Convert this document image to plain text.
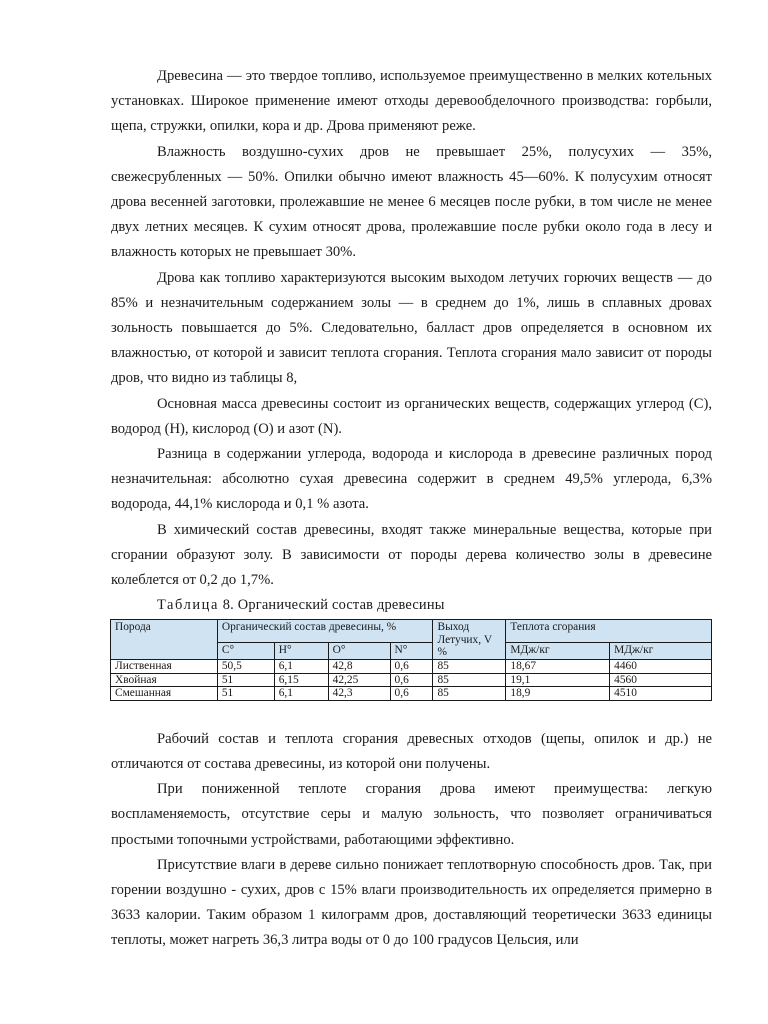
Древесина — это твердое топливо, используемое преимущественно в мелких котельных установках. Широкое применение имеют отходы деревообделочного производства: горбыли, щепа, стружки, опилки, кора и др. Дрова применяют реже.

Влажность воздушно-сухих дров не превышает 25%, полусухих — 35%, свежесрубленных — 50%. Опилки обычно имеют влажность 45—60%. К полусухим относят дрова весенней заготовки, пролежавшие не менее 6 месяцев после рубки, в том числе не менее двух летних месяцев. К сухим относят дрова, пролежавшие после рубки около года в лесу и влажность которых не превышает 30%.

Дрова как топливо характеризуются высоким выходом летучих горючих веществ — до 85% и незначительным содержанием золы — в среднем до 1%, лишь в сплавных дровах зольность повышается до 5%. Следовательно, балласт дров определяется в основном их влажностью, от которой и зависит теплота сгорания. Теплота сгорания мало зависит от породы дров, что видно из таблицы 8,

Основная масса древесины состоит из органических веществ, содержащих углерод (С), водород (Н), кислород (О) и азот (N).

Разница в содержании углерода, водорода и кислорода в древесине различных пород незначительная: абсолютно сухая древесина содержит в среднем 49,5% углерода, 6,3% водорода, 44,1% кислорода и 0,1 % азота.

В химический состав древесины, входят также минеральные вещества, которые при сгорании образуют золу. В зависимости от породы дерева количество золы в древесине колеблется от 0,2 до 1,7%.

Таблица 8. Органический состав древесины
Порода	Органический состав древесины, %				Выход Летучих, V %	Теплота сгорания	
	C°	H°	O°	N°		МДж/кг	МДж/кг
Лиственная	50,5	6,1	42,8	0,6	85	18,67	4460
Хвойная	51	6,15	42,25	0,6	85	19,1	4560
Смешанная	51	6,1	42,3	0,6	85	18,9	4510

Рабочий состав и теплота сгорания древесных отходов (щепы, опилок и др.) не отличаются от состава древесины, из которой они получены.

При пониженной теплоте сгорания дрова имеют преимущества: легкую воспламеняемость, отсутствие серы и малую зольность, что позволяет ограничиваться простыми топочными устройствами, работающими эффективно.

Присутствие влаги в дереве сильно понижает теплотворную способность дров. Так, при горении воздушно - сухих, дров с 15% влаги производительность их определяется примерно в 3633 калории. Таким образом 1 килограмм дров, доставляющий теоретически 3633 единицы теплоты, может нагреть 36,3 литра воды от 0 до 100 градусов Цельсия, или
